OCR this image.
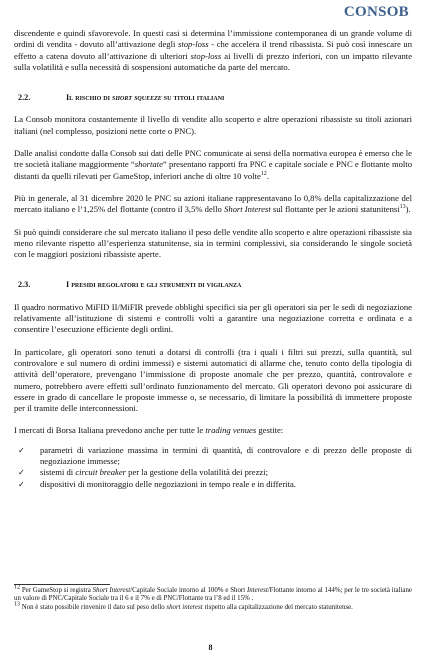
CONSOB

discendente e quindi sfavorevole. In questi casi si determina l’immissione contemporanea di un grande volume di ordini di vendita - dovuto all’attivazione degli stop-loss - che accelera il trend ribassista. Si può così innescare un effetto a catena dovuto all’attivazione di ulteriori stop-loss ai livelli di prezzo inferiori, con un impatto rilevante sulla volatilità e sulla necessità di sospensioni automatiche da parte del mercato.

2.2.	Il rischio di short squeeze su titoli italiani

La Consob monitora costantemente il livello di vendite allo scoperto e altre operazioni ribassiste su titoli azionari italiani (nel complesso, posizioni nette corte o PNC).

Dalle analisi condotte dalla Consob sui dati delle PNC comunicate ai sensi della normativa europea è emerso che le tre società italiane maggiormente “shortate” presentano rapporti fra PNC e capitale sociale e PNC e flottante molto distanti da quelli rilevati per GameStop, inferiori anche di oltre 10 volte$^{12}$.

Più in generale, al 31 dicembre 2020 le PNC su azioni italiane rappresentavano lo 0,8% della capitalizzazione del mercato italiano e l’1,25% del flottante (contro il 3,5% dello Short Interest sul flottante per le azioni statunitensi$^{13}$).

Si può quindi considerare che sul mercato italiano il peso delle vendite allo scoperto e altre operazioni ribassiste sia meno rilevante rispetto all’esperienza statunitense, sia in termini complessivi, sia considerando le singole società con le maggiori posizioni ribassiste aperte.

2.3.	I presidi regolatori e gli strumenti di vigilanza

Il quadro normativo MiFID II/MiFIR prevede obblighi specifici sia per gli operatori sia per le sedi di negoziazione relativamente all’istituzione di sistemi e controlli volti a garantire una negoziazione corretta e ordinata e a consentire l’esecuzione efficiente degli ordini.

In particolare, gli operatori sono tenuti a dotarsi di controlli (tra i quali i filtri sui prezzi, sulla quantità, sul controvalore e sul numero di ordini immessi) e sistemi automatici di allarme che, tenuto conto della tipologia di attività dell’operatore, prevengano l’immissione di proposte anomale che per prezzo, quantità, controvalore e numero, potrebbero avere effetti sull’ordinato funzionamento del mercato. Gli operatori devono poi assicurare di essere in grado di cancellare le proposte immesse o, se necessario, di limitare la possibilità di immettere proposte per il tramite delle interconnessioni.

I mercati di Borsa Italiana prevedono anche per tutte le trading venues gestite:

✓	parametri di variazione massima in termini di quantità, di controvalore e di prezzo delle proposte di negoziazione immesse;
✓	sistemi di circuit breaker per la gestione della volatilità dei prezzi;
✓	dispositivi di monitoraggio delle negoziazioni in tempo reale e in differita.

$^{12}$ Per GameStop si registra Short Interest/Capitale Sociale intorno al 100% e Short Interest/Flottante intorno al 144%; per le tre società italiane un valore di PNC/Capitale Sociale tra il 6 e il 7% e di PNC/Flottante tra l’8 ed il 15% .

$^{13}$ Non è stato possibile rinvenire il dato sul peso dello short interest rispetto alla capitalizzazione del mercato statunitense.

8
